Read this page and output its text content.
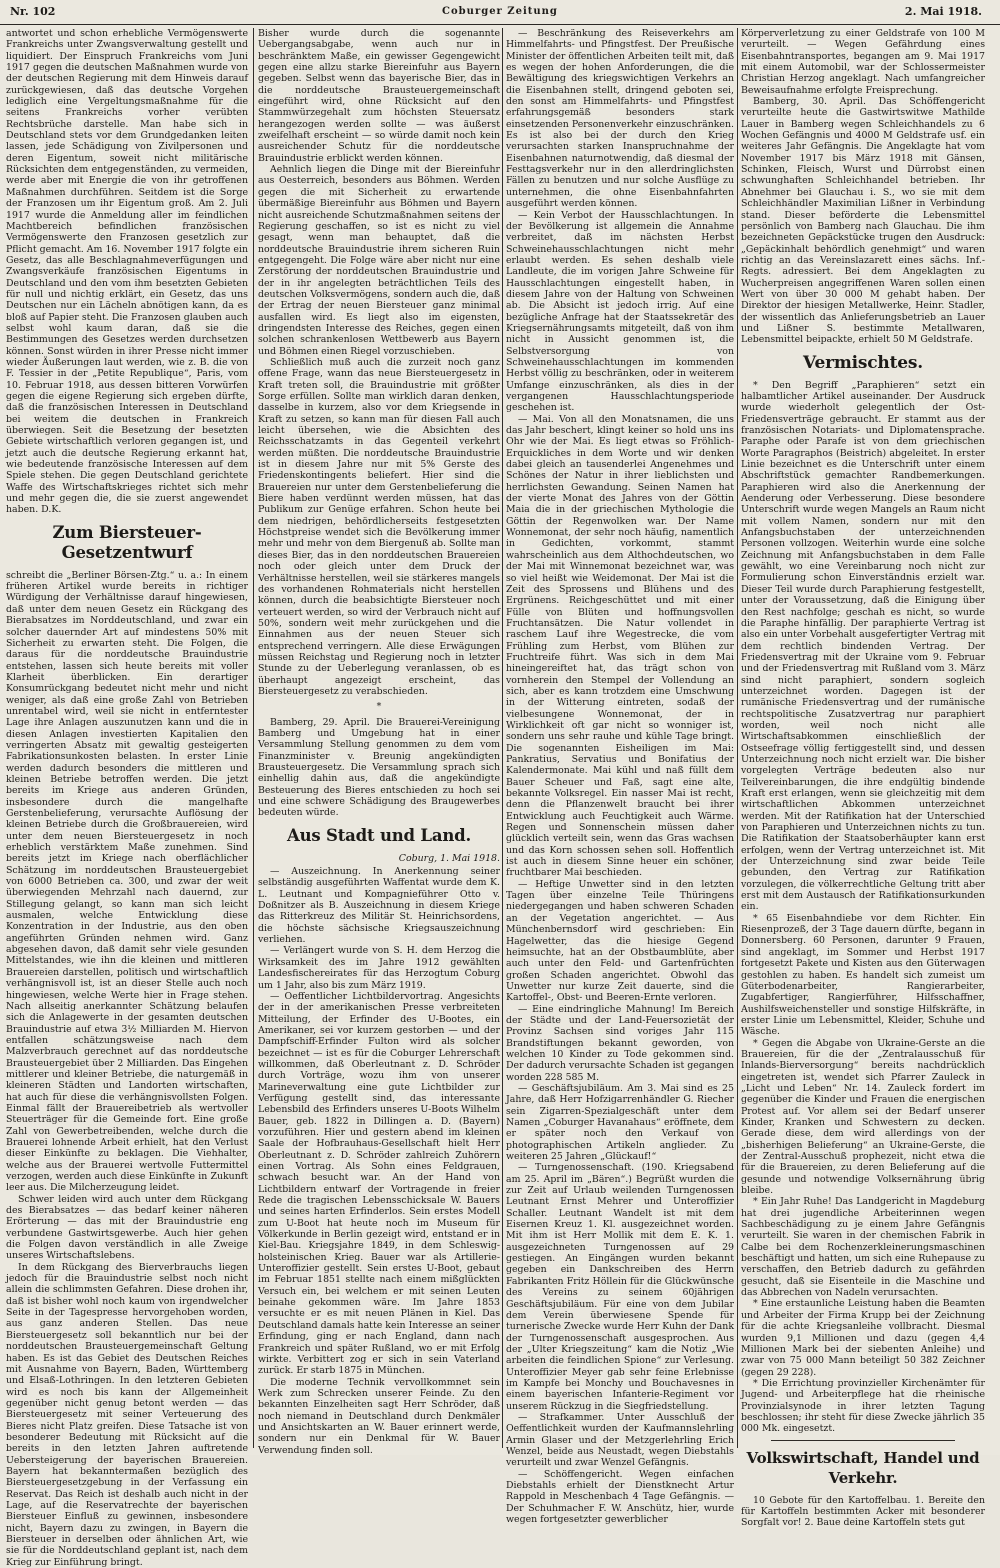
Nr. 102	Coburger Zeitung	2. Mai 1918.

antwortet und schon erhebliche Vermögenswerte Frankreichs unter Zwangsverwaltung gestellt und liquidiert. Der Einspruch Frankreichs vom Juni 1917 gegen die deutschen Maßnahmen wurde von der deutschen Regierung mit dem Hinweis darauf zurückgewiesen, daß das deutsche Vorgehen lediglich eine Vergeltungsmaßnahme für die seitens Frankreichs vorher verübten Rechtsbrüche darstelle. Man habe sich in Deutschland stets vor dem Grundgedanken leiten lassen, jede Schädigung von Zivilpersonen und deren Eigentum, soweit nicht militärische Rücksichten dem entgegenständen, zu vermeiden, werde aber mit Energie die von ihr getroffenen Maßnahmen durchführen. Seitdem ist die Sorge der Franzosen um ihr Eigentum groß. Am 2. Juli 1917 wurde die Anmeldung aller im feindlichen Machtbereich befindlichen französischen Vermögenswerte den Franzosen gesetzlich zur Pflicht gemacht. Am 16. November 1917 folgte ein Gesetz, das alle Beschlagnahmeverfügungen und Zwangsverkäufe französischen Eigentums in Deutschland und den vom ihm besetzten Gebieten für null und nichtig erklärt, ein Gesetz, das uns Deutschen nur ein Lächeln abnötigen kann, da es bloß auf Papier steht. Die Franzosen glauben auch selbst wohl kaum daran, daß sie die Bestimmungen des Gesetzes werden durchsetzen können. Sonst würden in ihrer Presse nicht immer wieder Äußerungen laut werden, wie z. B. die von F. Tessier in der „Petite Republique“, Paris, vom 10. Februar 1918, aus dessen bitteren Vorwürfen gegen die eigene Regierung sich ergeben dürfte, daß die französischen Interessen in Deutschland bei weitem die deutschen in Frankreich überwiegen. Seit die Besetzung der besetzten Gebiete wirtschaftlich verloren gegangen ist, und jetzt auch die deutsche Regierung erkannt hat, wie bedeutende französische Interessen auf dem Spiele stehen. Die gegen Deutschland gerichtete Waffe des Wirtschaftskrieges richtet sich mehr und mehr gegen die, die sie zuerst angewendet haben. D.K.

Zum Biersteuer-Gesetzentwurf

schreibt die „Berliner Börsen-Ztg.“ u. a.: In einem früheren Artikel wurde bereits in richtiger Würdigung der Verhältnisse darauf hingewiesen, daß unter dem neuen Gesetz ein Rückgang des Bierabsatzes im Norddeutschland, und zwar ein solcher dauernder Art auf mindestens 50% mit Sicherheit zu erwarten steht. Die Folgen, die daraus für die norddeutsche Brauindustrie entstehen, lassen sich heute bereits mit voller Klarheit überblicken. Ein derartiger Konsumrückgang bedeutet nicht mehr und nicht weniger, als daß eine große Zahl von Betrieben unrentabel wird, weil sie nicht in entferntester Lage ihre Anlagen auszunutzen kann und die in diesen Anlagen investierten Kapitalien den verringerten Absatz mit gewaltig gesteigerten Fabrikationsunkosten belasten. In erster Linie werden dadurch besonders die mittleren und kleinen Betriebe betroffen werden. Die jetzt bereits im Kriege aus anderen Gründen, insbesondere durch die mangelhafte Gerstenbelieferung, verursachte Auflösung der kleinen Betriebe durch die Großbrauereien, wird unter dem neuen Biersteuergesetz in noch erheblich verstärktem Maße zunehmen. Sind bereits jetzt im Kriege nach oberflächlicher Schätzung im norddeutschen Brausteuergebiet von 6000 Betrieben ca. 300, und zwar der weit überwiegenden Mehrzahl nach dauernd, zur Stillegung gelangt, so kann man sich leicht ausmalen, welche Entwicklung diese Konzentration in der Industrie, aus den oben angeführten Gründen nehmen wird. Ganz abgesehen davon, daß damit sehr viele gesunden Mittelstandes, wie ihn die kleinen und mittleren Brauereien darstellen, politisch und wirtschaftlich verhängnisvoll ist, ist an dieser Stelle auch noch hingewiesen, welche Werte hier in Frage stehen. Nach allseitig anerkannter Schätzung belaufen sich die Anlagewerte in der gesamten deutschen Brauindustrie auf etwa 3½ Milliarden M. Hiervon entfallen schätzungsweise nach dem Malzverbrauch gerechnet auf das norddeutsche Brausteuergebiet über 2 Milliarden. Das Eingehen mittlerer und kleiner Betriebe, die naturgemäß in kleineren Städten und Landorten wirtschaften, hat auch für diese die verhängnisvollsten Folgen. Einmal fällt der Brauereibetrieb als wertvoller Steuerträger für die Gemeinde fort. Eine große Zahl von Gewerbetreibenden, welche durch die Brauerei lohnende Arbeit erhielt, hat den Verlust dieser Einkünfte zu beklagen. Die Viehhalter, welche aus der Brauerei wertvolle Futtermittel verzogen, werden auch diese Einkünfte in Zukunft leer aus. Die Milcherzeugung leidet.

Schwer leiden wird auch unter dem Rückgang des Bierabsatzes — das bedarf keiner näheren Erörterung — das mit der Brauindustrie eng verbundene Gastwirtsgewerbe. Auch hier gehen die Folgen davon verständlich in alle Zweige unseres Wirtschaftslebens.

In dem Rückgang des Bierverbrauchs liegen jedoch für die Brauindustrie selbst noch nicht allein die schlimmsten Gefahren. Diese drohen ihr, daß ist bisher wohl noch kaum von irgendwelcher Seite in der Tagespresse hervorgehoben worden, aus ganz anderen Stellen. Das neue Biersteuergesetz soll bekanntlich nur bei der norddeutschen Brausteuergemeinschaft Geltung haben. Es ist das Gebiet des Deutschen Reiches mit Ausnahme von Bayern, Baden, Württemberg und Elsaß-Lothringen. In den letzteren Gebieten wird es noch bis kann der Allgemeinheit gegenüber nicht genug betont werden — das Biersteuergesetz mit seiner Verteuerung des Bieres nicht Platz greifen. Diese Tatsache ist von besonderer Bedeutung mit Rücksicht auf die bereits in den letzten Jahren auftretende Uebersteigerung der bayerischen Brauereien. Bayern hat bekanntermaßen bezüglich des Biersteuergesetzgebung in der Verfassung ein Reservat. Das Reich ist deshalb auch nicht in der Lage, auf die Reservatrechte der bayerischen Biersteuer Einfluß zu gewinnen, insbesondere nicht, Bayern dazu zu zwingen, in Bayern die Biersteuer in derselben oder ähnlichen Art, wie sie für die Norddeutschland geplant ist, nach dem Krieg zur Einführung bringt.

Bisher wurde durch die sogenannte Uebergangsabgabe, wenn auch nur in beschränktem Maße, ein gewisser Gegengewicht gegen eine allzu starke Biereinfuhr aus Bayern gegeben. Selbst wenn das bayerische Bier, das in die norddeutsche Brausteuergemeinschaft eingeführt wird, ohne Rücksicht auf den Stammwürzegehalt zum höchsten Steuersatz herangezogen werden sollte — was äußerst zweifelhaft erscheint — so würde damit noch kein ausreichender Schutz für die norddeutsche Brauindustrie erblickt werden können.

Aehnlich liegen die Dinge mit der Biereinfuhr aus Oesterreich, besonders aus Böhmen. Werden gegen die mit Sicherheit zu erwartende übermäßige Biereinfuhr aus Böhmen und Bayern nicht ausreichende Schutzmaßnahmen seitens der Regierung geschaffen, so ist es nicht zu viel gesagt, wenn man behauptet, daß die norddeutsche Brauindustrie ihrem sicheren Ruin entgegengeht. Die Folge wäre aber nicht nur eine Zerstörung der norddeutschen Brauindustrie und der in ihr angelegten beträchtlichen Teils des deutschen Volksvermögens, sondern auch die, daß der Ertrag der neuen Biersteuer ganz minimal ausfallen wird. Es liegt also im eigensten, dringendsten Interesse des Reiches, gegen einen solchen schrankenlosen Wettbewerb aus Bayern und Böhmen einen Riegel vorzuschieben.

Schließlich muß auch die zurzeit noch ganz offene Frage, wann das neue Biersteuergesetz in Kraft treten soll, die Brauindustrie mit größter Sorge erfüllen. Sollte man wirklich daran denken, dasselbe in kurzem, also vor dem Kriegsende in Kraft zu setzen, so kann man für diesen Fall auch leicht übersehen, wie die Absichten des Reichsschatzamts in das Gegenteil verkehrt werden müßten. Die norddeutsche Brauindustrie ist in diesem Jahre nur mit 5% Gerste des Friedenskontingents beliefert. Hier sind die Brauereien nur unter dem Gerstenbelieferung die Biere haben verdünnt werden müssen, hat das Publikum zur Genüge erfahren. Schon heute bei dem niedrigen, behördlicherseits festgesetzten Höchstpreise wendet sich die Bevölkerung immer mehr und mehr von dem Biergenuß ab. Sollte man dieses Bier, das in den norddeutschen Brauereien noch oder gleich unter dem Druck der Verhältnisse herstellen, weil sie stärkeres mangels des vorhandenen Rohmaterials nicht herstellen können, durch die beabsichtigte Biersteuer noch verteuert werden, so wird der Verbrauch nicht auf 50%, sondern weit mehr zurückgehen und die Einnahmen aus der neuen Steuer sich entsprechend verringern. Alle diese Erwägungen müssen Reichstag und Regierung noch in letzter Stunde zu der Ueberlegung veranlassen, ob es überhaupt angezeigt erscheint, das Biersteuergesetz zu verabschieden.

*

Bamberg, 29. April. Die Brauerei-Vereinigung Bamberg und Umgebung hat in einer Versammlung Stellung genommen zu dem vom Finanzminister v. Breunig angekündigten Brausteuergesetz. Die Versammlung sprach sich einhellig dahin aus, daß die angekündigte Besteuerung des Bieres entschieden zu hoch sei und eine schwere Schädigung des Braugewerbes bedeuten würde.

Aus Stadt und Land.
Coburg, 1. Mai 1918.

— Auszeichnung. In Anerkennung seiner selbständig ausgeführten Waffentat wurde dem K. L. Leutnant und Kompagnieführer Otto v. Doßnitzer als B. Auszeichnung in diesem Kriege das Ritterkreuz des Militär St. Heinrichsordens, die höchste sächsische Kriegsauszeichnung verliehen.

— Verlängert wurde von S. H. dem Herzog die Wirksamkeit des im Jahre 1912 gewählten Landesfischereirates für das Herzogtum Coburg um 1 Jahr, also bis zum März 1919.

— Oeffentlicher Lichtbildervortrag. Angesichts der in der amerikanischen Presse verbreiteten Mitteilung, der Erfinder des U-Bootes, ein Amerikaner, sei vor kurzem gestorben — und der Dampfschiff-Erfinder Fulton wird als solcher bezeichnet — ist es für die Coburger Lehrerschaft willkommen, daß Oberleutnant z. D. Schröder durch Vorträge, wozu ihm von unserer Marineverwaltung eine gute Lichtbilder zur Verfügung gestellt sind, das interessante Lebensbild des Erfinders unseres U-Boots Wilhelm Bauer, geb. 1822 in Dillingen a. D. (Bayern) vorzuführen. Hier und gestern abend im kleinen Saale der Hofbrauhaus-Gesellschaft hielt Herr Oberleutnant z. D. Schröder zahlreich Zuhörern einen Vortrag. Als Sohn eines Feldgrauen, schwach besucht war. An der Hand von Lichtbildern entwarf der Vortragende in freier Rede die tragischen Lebensschicksale W. Bauers und seines harten Erfinderlos. Sein erstes Modell zum U-Boot hat heute noch im Museum für Völkerkunde in Berlin gezeigt wird, entstand er in Kiel-Bau. Kriegsjahre 1849, in dem Schleswig-holsteinischen Krieg. Bauer war als Artillerie-Unteroffizier gestellt. Sein erstes U-Boot, gebaut im Februar 1851 stellte nach einem mißglückten Versuch ein, bei welchem er mit seinen Leuten beinahe gekommen wäre. Im Jahre 1853 versuchte er es mit neuen Plänen in Kiel. Das Deutschland damals hatte kein Interesse an seiner Erfindung, ging er nach England, dann nach Frankreich und später Rußland, wo er mit Erfolg wirkte. Verbittert zog er sich in sein Vaterland zurück. Er starb 1875 in München.

Die moderne Technik vervollkommnet sein Werk zum Schrecken unserer Feinde. Zu den bekannten Einzelheiten sagt Herr Schröder, daß noch niemand in Deutschland durch Denkmäler und Ansichtskarten an W. Bauer erinnert werde, sondern nur ein Denkmal für W. Bauer Verwendung finden soll.

— Beschränkung des Reiseverkehrs am Himmelfahrts- und Pfingstfest. Der Preußische Minister der öffentlichen Arbeiten teilt mit, daß es wegen der hohen Anforderungen, die die Bewältigung des kriegswichtigen Verkehrs an die Eisenbahnen stellt, dringend geboten sei, den sonst am Himmelfahrts- und Pfingstfest erfahrungsgemäß besonders stark einsetzenden Personenverkehr einzuschränken. Es ist also bei der durch den Krieg verursachten starken Inanspruchnahme der Eisenbahnen naturnotwendig, daß diesmal der Festtagsverkehr nur in den allerdringlichsten Fällen zu benutzen und nur solche Ausflüge zu unternehmen, die ohne Eisenbahnfahrten ausgeführt werden können.

— Kein Verbot der Hausschlachtungen. In der Bevölkerung ist allgemein die Annahme verbreitet, daß im nächsten Herbst Schweinehausschlachtungen nicht mehr erlaubt werden. Es sehen deshalb viele Landleute, die im vorigen Jahre Schweine für Hausschlachtungen eingestellt haben, in diesem Jahre von der Haltung von Schweinen ab. Die Absicht ist jedoch irrig. Auf eine bezügliche Anfrage hat der Staatssekretär des Kriegsernährungsamts mitgeteilt, daß von ihm nicht in Aussicht genommen ist, die Selbstversorgung von Schweinehausschlachtungen im kommenden Herbst völlig zu beschränken, oder in weiterem Umfange einzuschränken, als dies in der vergangenen Hausschlachtungsperiode geschehen ist.

— Mai. Von all den Monatsnamen, die uns das Jahr beschert, klingt keiner so hold uns ins Ohr wie der Mai. Es liegt etwas so Fröhlich-Erquickliches in dem Worte und wir denken dabei gleich an tausenderlei Angenehmes und Schönes der Natur in ihrer lieblichsten und herrlichsten Gewandung. Seinen Namen hat der vierte Monat des Jahres von der Göttin Maia die in der griechischen Mythologie die Göttin der Regenwolken war. Der Name Wonnemonat, der sehr noch häufig, namentlich in Gedichten, vorkommt, stammt wahrscheinlich aus dem Althochdeutschen, wo der Mai mit Winnemonat bezeichnet war, was so viel heißt wie Weidemonat. Der Mai ist die Zeit des Sprossens und Blühens und des Ergrünens. Reichgeschüttet und mit einer Fülle von Blüten und hoffnungsvollen Fruchtansätzen. Die Natur vollendet in raschem Lauf ihre Wegestrecke, die vom Frühling zum Herbst, vom Blühen zur Fruchtreife führt. Was sich in dem Mai hineingereiftet hat, das trägt schon von vornherein den Stempel der Vollendung an sich, aber es kann trotzdem eine Umschwung in der Witterung eintreten, sodaß der vielbesungene Wonnemonat, der in Wirklichkeit oft gar nicht so wonniger ist, sondern uns sehr rauhe und kühle Tage bringt. Die sogenannten Eisheiligen im Mai: Pankratius, Servatius und Bonifatius der Kalendermonate. Mai kühl und naß füllt dem Bauer Scheuer und Faß, sagt eine alte, bekannte Volksregel. Ein nasser Mai ist recht, denn die Pflanzenwelt braucht bei ihrer Entwicklung auch Feuchtigkeit auch Wärme. Regen und Sonnenschein müssen daher glücklich verteilt sein, wenn das Gras wachsen und das Korn schossen sehen soll. Hoffentlich ist auch in diesem Sinne heuer ein schöner, fruchtbarer Mai beschieden.

— Heftige Unwetter sind in den letzten Tagen über einzelne Teile Thüringens niedergegangen und haben schweren Schaden an der Vegetation angerichtet. — Aus Münchenbernsdorf wird geschrieben: Ein Hagelwetter, das die hiesige Gegend heimsuchte, hat an der Obstbaumblüte, aber auch unter den Feld- und Gartenfrüchten großen Schaden angerichtet. Obwohl das Unwetter nur kurze Zeit dauerte, sind die Kartoffel-, Obst- und Beeren-Ernte verloren.

— Eine eindringliche Mahnung! Im Bereich der Städte und der Land-Feuersozietät der Provinz Sachsen sind voriges Jahr 115 Brandstiftungen bekannt geworden, von welchen 10 Kinder zu Tode gekommen sind. Der dadurch verursachte Schaden ist gegangen worden 228 585 M.

— Geschäftsjubiläum. Am 3. Mai sind es 25 Jahre, daß Herr Hofzigarrenhändler G. Riecher sein Zigarren-Spezialgeschäft unter dem Namen „Coburger Havanahaus“ eröffnete, dem er später noch den Verkauf von photographischen Artikeln anglieder. Zu weiteren 25 Jahren „Glückauf!“

— Turngenossenschaft. (190. Kriegsabend am 25. April im „Bären“.) Begrüßt wurden die zur Zeit auf Urlaub weilenden Turngenossen Leutnant Ernst Mehrer und Unteroffizier Schaller. Leutnant Wandelt ist mit dem Eisernen Kreuz 1. Kl. ausgezeichnet worden. Mit ihm ist Herr Mollik mit dem E. K. 1. ausgezeichneten Turngenossen auf 29 gestiegen. An Eingängen wurden bekannt gegeben ein Dankschreiben des Herrn Fabrikanten Fritz Höllein für die Glückwünsche des Vereins zu seinem 60jährigen Geschäftsjubiläum. Für eine von dem Jubilar dem Verein überwiesene Spende für turnerische Zwecke wurde Herr Kuhn der Dank der Turngenossenschaft ausgesprochen. Aus der „Ulter Kriegszeitung“ kam die Notiz „Wie arbeiten die feindlichen Spione“ zur Verlesung. Unteroffizier Meyer gab sehr feine Erlebnisse im Kampfe bei Monchy und Bouchavesnes in einem bayerischen Infanterie-Regiment vor unserem Rückzug in die Siegfriedstellung.

— Strafkammer. Unter Ausschluß der Oeffentlichkeit wurden der Kaufmannslehrling Armin Glaser und der Metzgerlehrling Erich Wenzel, beide aus Neustadt, wegen Diebstahls verurteilt und zwar Wenzel Gefängnis.

— Schöffengericht. Wegen einfachen Diebstahls erhielt der Dienstknecht Artur Rappold in Meschenbach 4 Tage Gefängnis. — Der Schuhmacher F. W. Anschütz, hier, wurde wegen fortgesetzter gewerblicher

Körperverletzung zu einer Geldstrafe von 100 M verurteilt. — Wegen Gefährdung eines Eisenbahntransportes, begangen am 9. Mai 1917 mit einem Automobil, war der Schlossermeister Christian Herzog angeklagt. Nach umfangreicher Beweisaufnahme erfolgte Freisprechung.

Bamberg, 30. April. Das Schöffengericht verurteilte heute die Gastwirtswitwe Mathilde Lauer in Bamberg wegen Schleichhandels zu 6 Wochen Gefängnis und 4000 M Geldstrafe usf. ein weiteres Jahr Gefängnis. Die Angeklagte hat vom November 1917 bis März 1918 mit Gänsen, Schinken, Fleisch, Wurst und Dürrobst einen schwunghaften Schleichhandel betrieben. Ihr Abnehmer bei Glauchau i. S., wo sie mit dem Schleichhändler Maximilian Lißner in Verbindung stand. Dieser beförderte die Lebensmittel persönlich von Bamberg nach Glauchau. Die ihm bezeichneten Gepäckstücke trugen den Ausdruck: „Gepäckinhalt behördlich genehmigt“ und waren richtig an das Vereinslazarett eines sächs. Inf.-Regts. adressiert. Bei dem Angeklagten zu Wucherpreisen angegriffenen Waren sollen einen Wert von über 30 000 M gehabt haben. Der Direktor der hiesigen Metallwerke, Heinr. Stadler, der wissentlich das Anlieferungsbetrieb an Lauer und Lißner S. bestimmte Metallwaren, Lebensmittel beipackte, erhielt 50 M Geldstrafe.

Vermischtes.

* Den Begriff „Paraphieren“ setzt ein halbamtlicher Artikel auseinander. Der Ausdruck wurde wiederholt gelegentlich der Ost-Friedensverträge gebraucht. Er stammt aus der französischen Notariats- und Diplomatensprache. Paraphe oder Parafe ist von dem griechischen Worte Paragraphos (Beistrich) abgeleitet. In erster Linie bezeichnet es die Unterschrift unter einem Abschriftstück gemachter Randbemerkungen. Paraphieren wird also die Anerkennung der Aenderung oder Verbesserung. Diese besondere Unterschrift wurde wegen Mangels an Raum nicht mit vollem Namen, sondern nur mit den Anfangsbuchstaben der unterzeichnenden Personen vollzogen. Weiterhin wurde eine solche Zeichnung mit Anfangsbuchstaben in dem Falle gewählt, wo eine Vereinbarung noch nicht zur Formulierung schon Einverständnis erzielt war. Dieser Teil wurde durch Paraphierung festgestellt, unter der Voraussetzung, daß die Einigung über den Rest nachfolge; geschah es nicht, so wurde die Paraphe hinfällig. Der paraphierte Vertrag ist also ein unter Vorbehalt ausgefertigter Vertrag mit dem rechtlich bindenden Vertrag. Der Friedensvertrag mit der Ukraine vom 9. Februar und der Friedensvertrag mit Rußland vom 3. März sind nicht paraphiert, sondern sogleich unterzeichnet worden. Dagegen ist der rumänische Friedensvertrag und der rumänische rechtspolitische Zusatzvertrag nur paraphiert worden, weil noch nicht alle Wirtschaftsabkommen einschließlich der Ostseefrage völlig fertiggestellt sind, und dessen Unterzeichnung noch nicht erzielt war. Die bisher vorgelegten Verträge bedeuten also nur Teilvereinbarungen, die ihre endgültig bindende Kraft erst erlangen, wenn sie gleichzeitig mit dem wirtschaftlichen Abkommen unterzeichnet werden. Mit der Ratifikation hat der Unterschied von Paraphieren und Unterzeichnen nichts zu tun. Die Ratifikation der Staatsoberhäupter kann erst erfolgen, wenn der Vertrag unterzeichnet ist. Mit der Unterzeichnung sind zwar beide Teile gebunden, den Vertrag zur Ratifikation vorzulegen, die völkerrechtliche Geltung tritt aber erst mit dem Austausch der Ratifikationsurkunden ein.

* 65 Eisenbahndiebe vor dem Richter. Ein Riesenprozeß, der 3 Tage dauern dürfte, begann in Donnersberg. 60 Personen, darunter 9 Frauen, sind angeklagt, im Sommer und Herbst 1917 fortgesetzt Pakete und Kisten aus den Güterwagen gestohlen zu haben. Es handelt sich zumeist um Güterbodenarbeiter, Rangierarbeiter, Zugabfertiger, Rangierführer, Hilfsschaffner, Aushilfsweichensteller und sonstige Hilfskräfte, in erster Linie um Lebensmittel, Kleider, Schuhe und Wäsche.

* Gegen die Abgabe von Ukraine-Gerste an die Brauereien, für die der „Zentralausschuß für Inlands-Bierversorgung“ bereits nachdrücklich eingetreten ist, wendet sich Pfarrer Zauleck in „Licht und Leben“ Nr. 14. Zauleck fordert im gegenüber die Kinder und Frauen die energischen Protest auf. Vor allem sei der Bedarf unserer Kinder, Kranken und Schwestern zu decken. Gerade diese, dem wird allerdings von der „bisherhigen Belieferung“ an Ukraine-Gerste, die der Zentral-Ausschuß prophezeit, nicht etwa die für die Brauereien, zu deren Belieferung auf die gesunde und notwendige Volksernährung übrig bleibe.

* Ein Jahr Ruhe! Das Landgericht in Magdeburg hat drei jugendliche Arbeiterinnen wegen Sachbeschädigung zu je einem Jahre Gefängnis verurteilt. Sie waren in der chemischen Fabrik in Calbe bei dem Rochenzerkleinerungsmaschinen beschäftigt und hatten, um sich eine Ruhepause zu verschaffen, den Betrieb dadurch zu gefährden gesucht, daß sie Eisenteile in die Maschine und das Abbrechen von Nadeln verursachten.

* Eine erstaunliche Leistung haben die Beamten und Arbeiter der Firma Krupp bei der Zeichnung für die achte Kriegsanleihe vollbracht. Diesmal wurden 9,1 Millionen und dazu (gegen 4,4 Millionen Mark bei der siebenten Anleihe) und zwar von 75 000 Mann beteiligt 50 382 Zeichner (gegen 29 228).

* Die Errichtung provinzieller Kirchenämter für Jugend- und Arbeiterpflege hat die rheinische Provinzialsynode in ihrer letzten Tagung beschlossen; ihr steht für diese Zwecke jährlich 35 000 Mk. eingesetzt.

Volkswirtschaft, Handel und Verkehr.

10 Gebote für den Kartoffelbau. 1. Bereite den für Kartoffeln bestimmten Acker mit besonderer Sorgfalt vor! 2. Baue deine Kartoffeln stets gut
